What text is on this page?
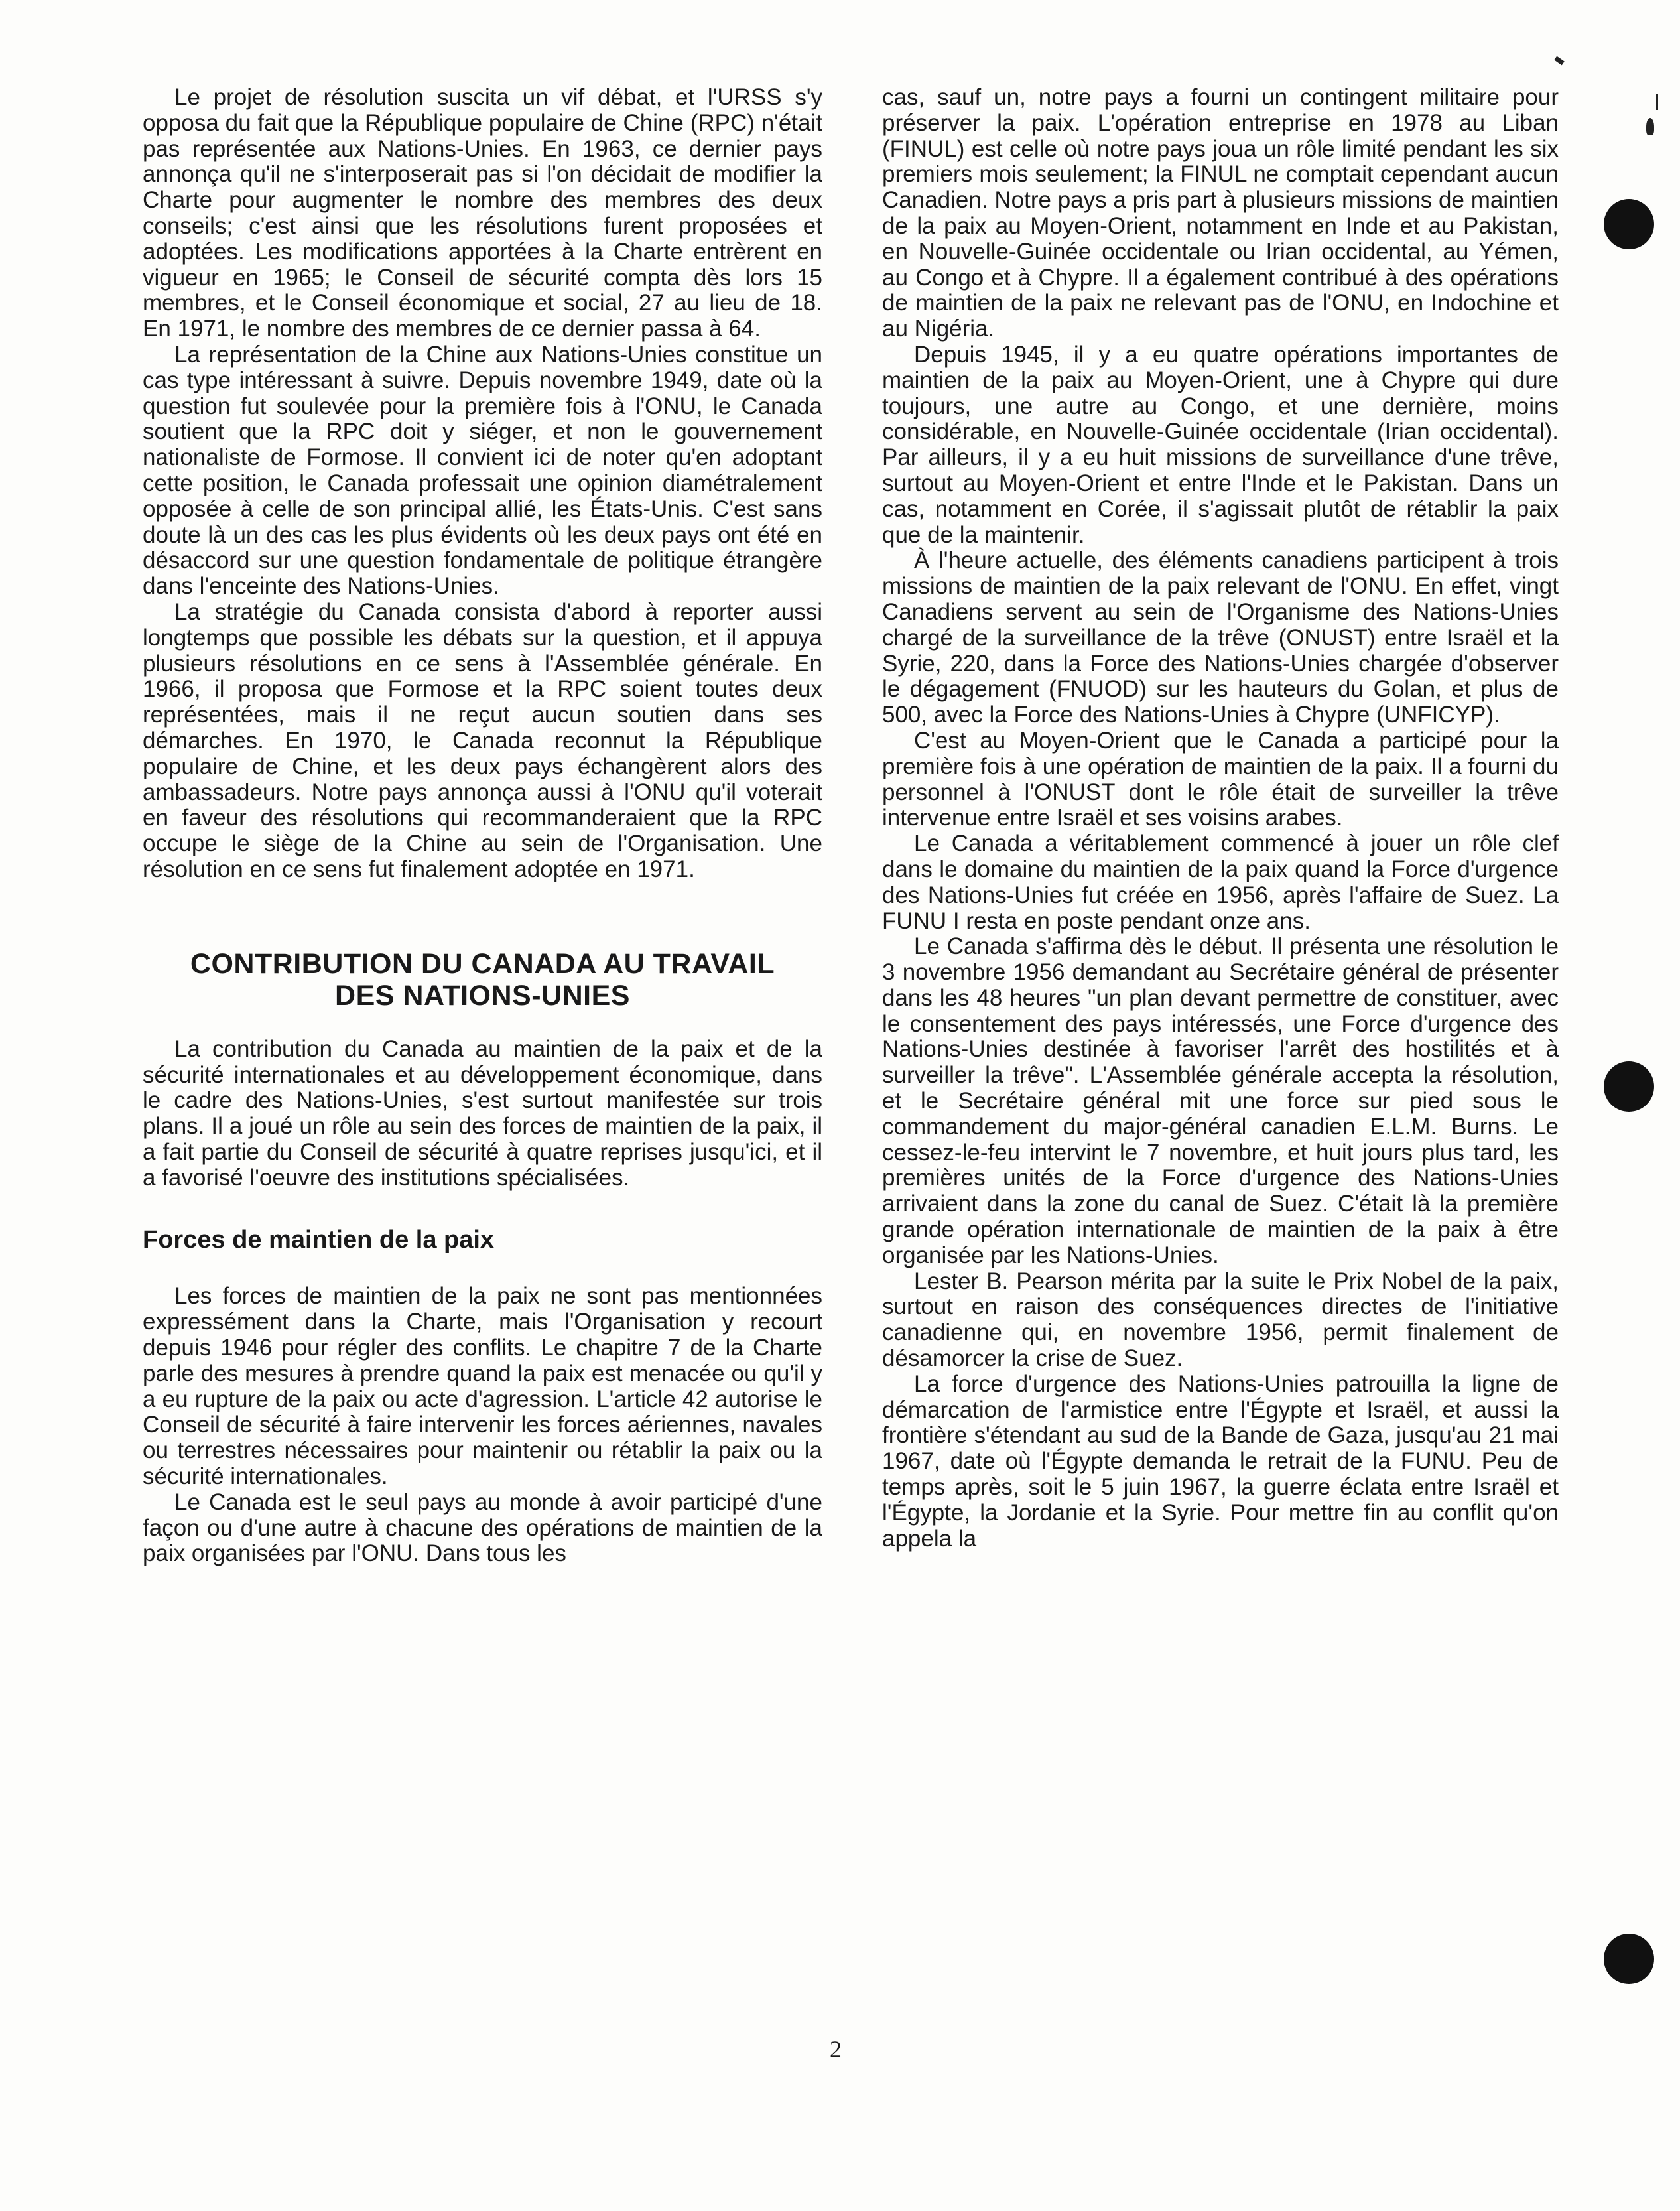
Le projet de résolution suscita un vif débat, et l'URSS s'y opposa du fait que la République populaire de Chine (RPC) n'était pas représentée aux Nations-Unies. En 1963, ce dernier pays annonça qu'il ne s'interposerait pas si l'on décidait de modifier la Charte pour augmenter le nombre des membres des deux conseils; c'est ainsi que les résolutions furent proposées et adoptées. Les modifications apportées à la Charte entrèrent en vigueur en 1965; le Conseil de sécurité compta dès lors 15 membres, et le Conseil économique et social, 27 au lieu de 18. En 1971, le nombre des membres de ce dernier passa à 64.

La représentation de la Chine aux Nations-Unies constitue un cas type intéressant à suivre. Depuis novembre 1949, date où la question fut soulevée pour la première fois à l'ONU, le Canada soutient que la RPC doit y siéger, et non le gouvernement nationaliste de Formose. Il convient ici de noter qu'en adoptant cette position, le Canada professait une opinion diamétralement opposée à celle de son principal allié, les États-Unis. C'est sans doute là un des cas les plus évidents où les deux pays ont été en désaccord sur une question fondamentale de politique étrangère dans l'enceinte des Nations-Unies.

La stratégie du Canada consista d'abord à reporter aussi longtemps que possible les débats sur la question, et il appuya plusieurs résolutions en ce sens à l'Assemblée générale. En 1966, il proposa que Formose et la RPC soient toutes deux représentées, mais il ne reçut aucun soutien dans ses démarches. En 1970, le Canada reconnut la République populaire de Chine, et les deux pays échangèrent alors des ambassadeurs. Notre pays annonça aussi à l'ONU qu'il voterait en faveur des résolutions qui recommanderaient que la RPC occupe le siège de la Chine au sein de l'Organisation. Une résolution en ce sens fut finalement adoptée en 1971.

CONTRIBUTION DU CANADA AU TRAVAIL
DES NATIONS-UNIES

La contribution du Canada au maintien de la paix et de la sécurité internationales et au développement économique, dans le cadre des Nations-Unies, s'est surtout manifestée sur trois plans. Il a joué un rôle au sein des forces de maintien de la paix, il a fait partie du Conseil de sécurité à quatre reprises jusqu'ici, et il a favorisé l'oeuvre des institutions spécialisées.

Forces de maintien de la paix

Les forces de maintien de la paix ne sont pas mentionnées expressément dans la Charte, mais l'Organisation y recourt depuis 1946 pour régler des conflits. Le chapitre 7 de la Charte parle des mesures à prendre quand la paix est menacée ou qu'il y a eu rupture de la paix ou acte d'agression. L'article 42 autorise le Conseil de sécurité à faire intervenir les forces aériennes, navales ou terrestres nécessaires pour maintenir ou rétablir la paix ou la sécurité internationales.

Le Canada est le seul pays au monde à avoir participé d'une façon ou d'une autre à chacune des opérations de maintien de la paix organisées par l'ONU. Dans tous les

cas, sauf un, notre pays a fourni un contingent militaire pour préserver la paix. L'opération entreprise en 1978 au Liban (FINUL) est celle où notre pays joua un rôle limité pendant les six premiers mois seulement; la FINUL ne comptait cependant aucun Canadien. Notre pays a pris part à plusieurs missions de maintien de la paix au Moyen-Orient, notamment en Inde et au Pakistan, en Nouvelle-Guinée occidentale ou Irian occidental, au Yémen, au Congo et à Chypre. Il a également contribué à des opérations de maintien de la paix ne relevant pas de l'ONU, en Indochine et au Nigéria.

Depuis 1945, il y a eu quatre opérations importantes de maintien de la paix au Moyen-Orient, une à Chypre qui dure toujours, une autre au Congo, et une dernière, moins considérable, en Nouvelle-Guinée occidentale (Irian occidental). Par ailleurs, il y a eu huit missions de surveillance d'une trêve, surtout au Moyen-Orient et entre l'Inde et le Pakistan. Dans un cas, notamment en Corée, il s'agissait plutôt de rétablir la paix que de la maintenir.

À l'heure actuelle, des éléments canadiens participent à trois missions de maintien de la paix relevant de l'ONU. En effet, vingt Canadiens servent au sein de l'Organisme des Nations-Unies chargé de la surveillance de la trêve (ONUST) entre Israël et la Syrie, 220, dans la Force des Nations-Unies chargée d'observer le dégagement (FNUOD) sur les hauteurs du Golan, et plus de 500, avec la Force des Nations-Unies à Chypre (UNFICYP).

C'est au Moyen-Orient que le Canada a participé pour la première fois à une opération de maintien de la paix. Il a fourni du personnel à l'ONUST dont le rôle était de surveiller la trêve intervenue entre Israël et ses voisins arabes.

Le Canada a véritablement commencé à jouer un rôle clef dans le domaine du maintien de la paix quand la Force d'urgence des Nations-Unies fut créée en 1956, après l'affaire de Suez. La FUNU I resta en poste pendant onze ans.

Le Canada s'affirma dès le début. Il présenta une résolution le 3 novembre 1956 demandant au Secrétaire général de présenter dans les 48 heures "un plan devant permettre de constituer, avec le consentement des pays intéressés, une Force d'urgence des Nations-Unies destinée à favoriser l'arrêt des hostilités et à surveiller la trêve". L'Assemblée générale accepta la résolution, et le Secrétaire général mit une force sur pied sous le commandement du major-général canadien E.L.M. Burns. Le cessez-le-feu intervint le 7 novembre, et huit jours plus tard, les premières unités de la Force d'urgence des Nations-Unies arrivaient dans la zone du canal de Suez. C'était là la première grande opération internationale de maintien de la paix à être organisée par les Nations-Unies.

Lester B. Pearson mérita par la suite le Prix Nobel de la paix, surtout en raison des conséquences directes de l'initiative canadienne qui, en novembre 1956, permit finalement de désamorcer la crise de Suez.

La force d'urgence des Nations-Unies patrouilla la ligne de démarcation de l'armistice entre l'Égypte et Israël, et aussi la frontière s'étendant au sud de la Bande de Gaza, jusqu'au 21 mai 1967, date où l'Égypte demanda le retrait de la FUNU. Peu de temps après, soit le 5 juin 1967, la guerre éclata entre Israël et l'Égypte, la Jordanie et la Syrie. Pour mettre fin au conflit qu'on appela la

2
